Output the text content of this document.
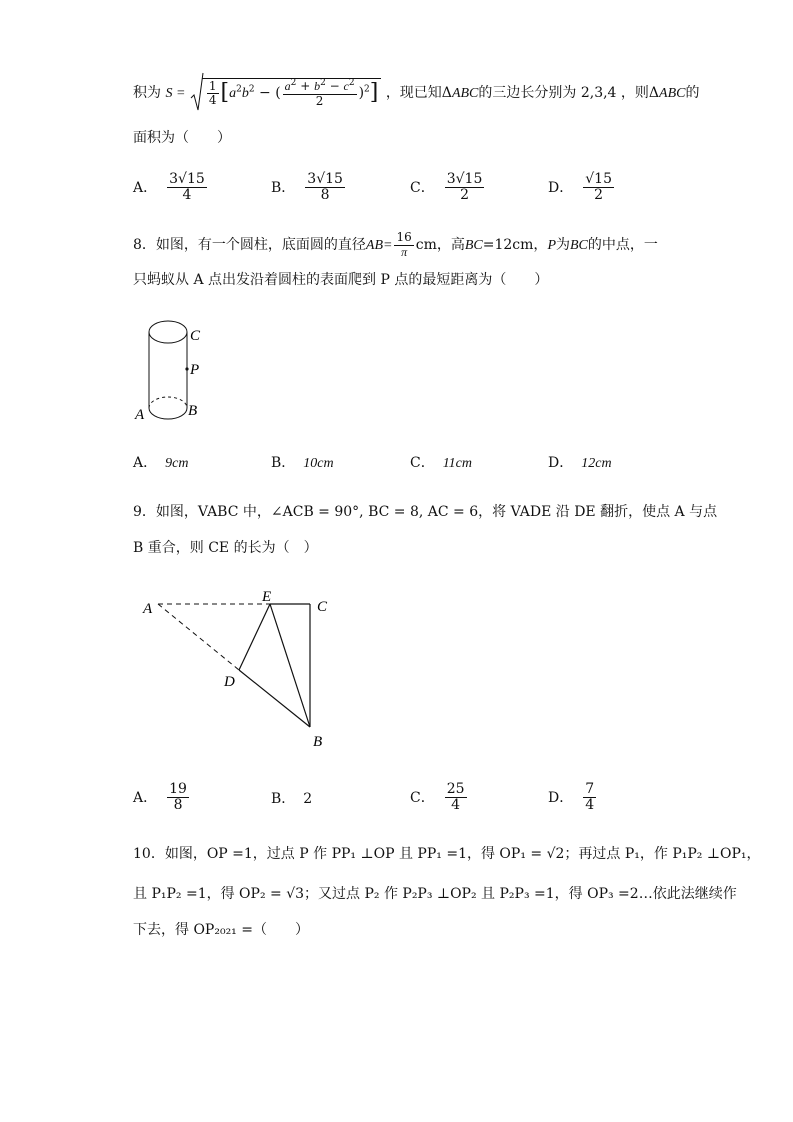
积为 $S = \frac{1}{4} [a^2b^2$ − ( $\frac{a^2 + b^2 - c^2}{2} )^2$] ，现已知ΔABC的三边长分别为 2,3,4 ，则ΔABC的
面积为（　　）
A． $\frac{3√15}{4}$	B． $\frac{3√15}{8}$	C． $\frac{3√15}{2}$	D． $\frac{√15}{2}$
8．如图，有一个圆柱，底面圆的直径$AB= \frac{16}{\pi}$ cm，高BC=12cm，P为BC的中点，一
只蚂蚁从 A 点出发沿着圆柱的表面爬到 P 点的最短距离为（　　）
C
P
A	B
A． 9cm	B． 10cm	C． 11cm	D． 12cm
9．如图，VABC 中，∠ACB = 90°, BC = 8, AC = 6，将 VADE 沿 DE 翻折，使点 A 与点
B 重合，则 CE 的长为（　）
A
E
C
D
B
A． $\frac{19}{8}$	B． 2	C． $\frac{25}{4}$	D． $\frac{7}{4}$
10．如图，OP =1，过点 P 作 PP₁ ⊥OP 且 PP₁ =1，得 OP₁ = √2；再过点 P₁，作 P₁P₂ ⊥OP₁，
且 P₁P₂ =1，得 OP₂ = √3；又过点 P₂ 作 P₂P₃ ⊥OP₂ 且 P₂P₃ =1，得 OP₃ =2…依此法继续作
下去，得 OP₂₀₂₁ =（　　）
